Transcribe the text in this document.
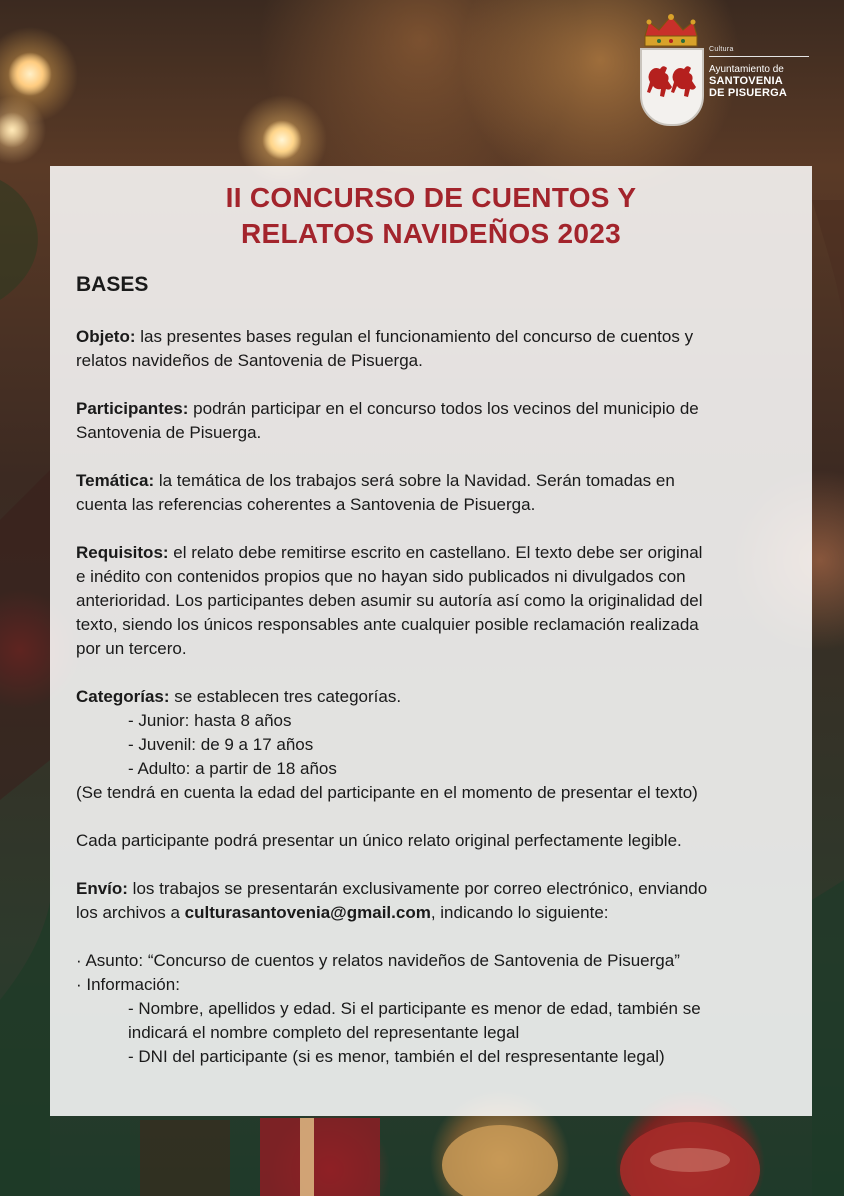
Cultura
Ayuntamiento de
SANTOVENIA
DE PISUERGA
II CONCURSO DE CUENTOS Y
RELATOS NAVIDEÑOS 2023
BASES

Objeto: las presentes bases regulan el funcionamiento del concurso de cuentos y
relatos navideños de Santovenia de Pisuerga.

Participantes: podrán participar en el concurso todos los vecinos del municipio de
Santovenia de Pisuerga.

Temática: la temática de los trabajos será sobre la Navidad. Serán tomadas en
cuenta las referencias coherentes a Santovenia de Pisuerga.

Requisitos: el relato debe remitirse escrito en castellano. El texto debe ser original
e inédito con contenidos propios que no hayan sido publicados ni divulgados con
anterioridad. Los participantes deben asumir su autoría así como la originalidad del
texto, siendo los únicos responsables ante cualquier posible reclamación realizada
por un tercero.

Categorías: se establecen tres categorías.
- Junior: hasta 8 años
- Juvenil: de 9 a 17 años
- Adulto: a partir de 18 años
(Se tendrá en cuenta la edad del participante en el momento de presentar el texto)

Cada participante podrá presentar un único relato original perfectamente legible.

Envío: los trabajos se presentarán exclusivamente por correo electrónico, enviando
los archivos a culturasantovenia@gmail.com, indicando lo siguiente:

· Asunto: “Concurso de cuentos y relatos navideños de Santovenia de Pisuerga”
· Información:
- Nombre, apellidos y edad. Si el participante es menor de edad, también se
indicará el nombre completo del representante legal
- DNI del participante (si es menor, también el del respresentante legal)
